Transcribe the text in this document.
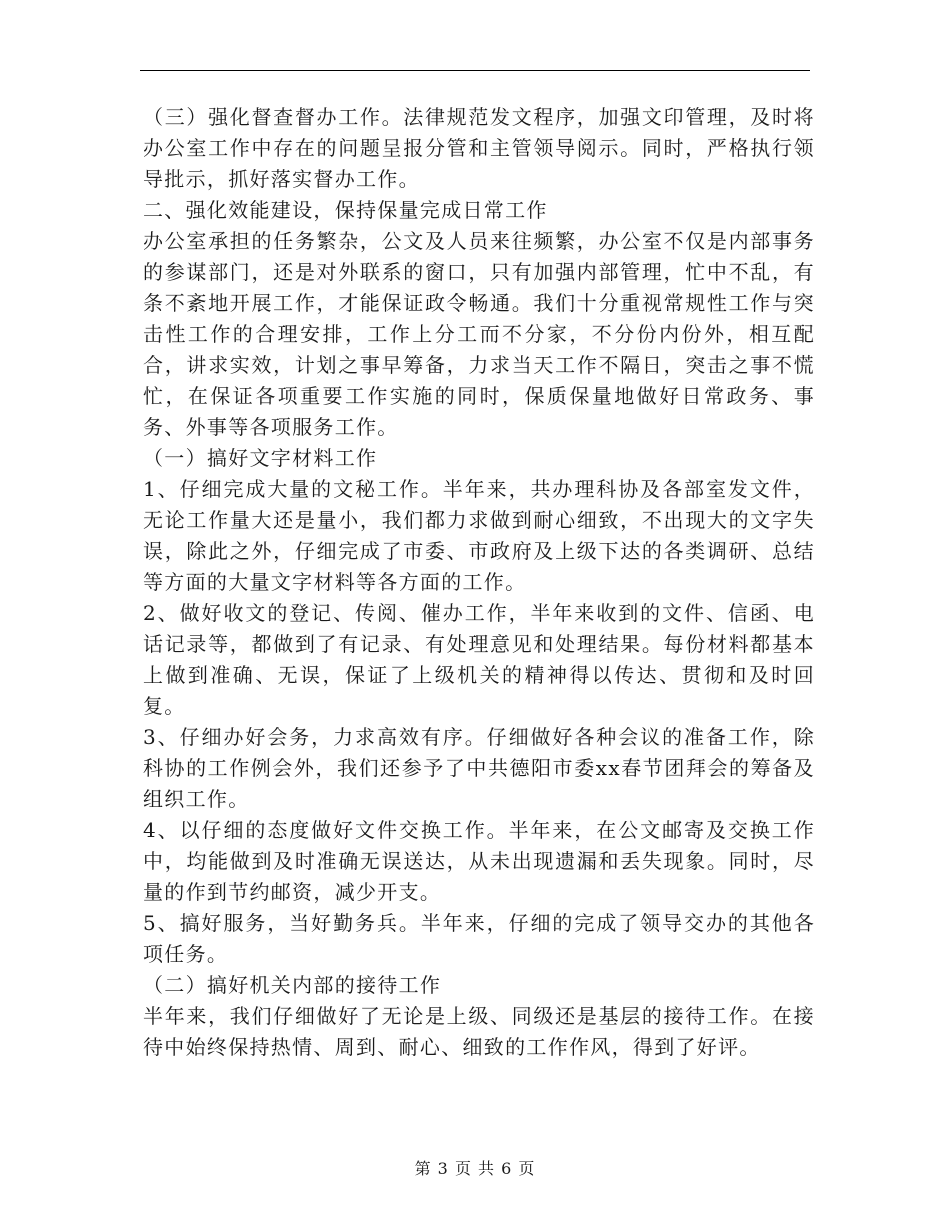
（三）强化督查督办工作。法律规范发文程序，加强文印管理，及时将办公室工作中存在的问题呈报分管和主管领导阅示。同时，严格执行领导批示，抓好落实督办工作。

二、强化效能建设，保持保量完成日常工作

办公室承担的任务繁杂，公文及人员来往频繁，办公室不仅是内部事务的参谋部门，还是对外联系的窗口，只有加强内部管理，忙中不乱，有条不紊地开展工作，才能保证政令畅通。我们十分重视常规性工作与突击性工作的合理安排，工作上分工而不分家，不分份内份外，相互配合，讲求实效，计划之事早筹备，力求当天工作不隔日，突击之事不慌忙，在保证各项重要工作实施的同时，保质保量地做好日常政务、事务、外事等各项服务工作。

（一）搞好文字材料工作

1、仔细完成大量的文秘工作。半年来，共办理科协及各部室发文件，无论工作量大还是量小，我们都力求做到耐心细致，不出现大的文字失误，除此之外，仔细完成了市委、市政府及上级下达的各类调研、总结等方面的大量文字材料等各方面的工作。

2、做好收文的登记、传阅、催办工作，半年来收到的文件、信函、电话记录等，都做到了有记录、有处理意见和处理结果。每份材料都基本上做到准确、无误，保证了上级机关的精神得以传达、贯彻和及时回复。

3、仔细办好会务，力求高效有序。仔细做好各种会议的准备工作，除科协的工作例会外，我们还参予了中共德阳市委xx春节团拜会的筹备及组织工作。

4、以仔细的态度做好文件交换工作。半年来，在公文邮寄及交换工作中，均能做到及时准确无误送达，从未出现遗漏和丢失现象。同时，尽量的作到节约邮资，减少开支。

5、搞好服务，当好勤务兵。半年来，仔细的完成了领导交办的其他各项任务。

（二）搞好机关内部的接待工作

半年来，我们仔细做好了无论是上级、同级还是基层的接待工作。在接待中始终保持热情、周到、耐心、细致的工作作风，得到了好评。

第 3 页 共 6 页
